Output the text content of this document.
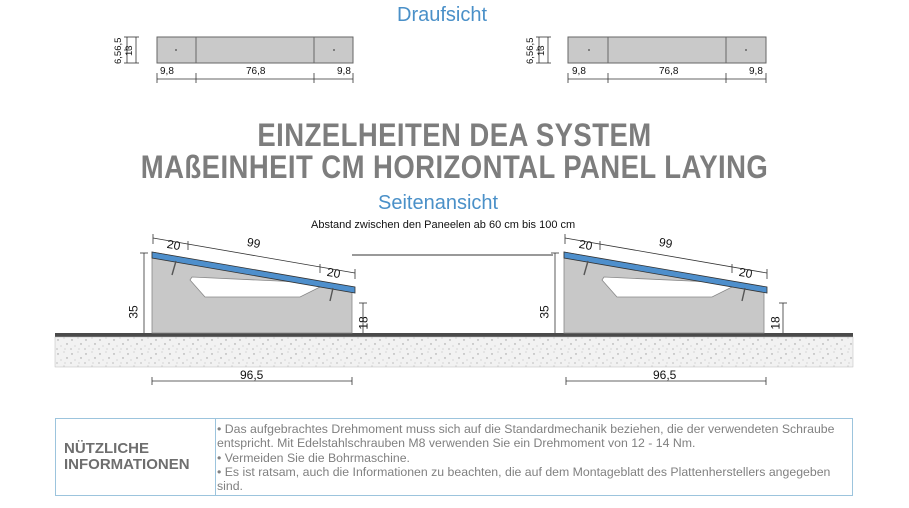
Draufsicht
6,56,5 13
6,56,5 13
9,8	76,8	9,8	9,8	76,8	9,8
EINZELHEITEN DEA SYSTEM
MAßEINHEIT CM HORIZONTAL PANEL LAYING
Seitenansicht
Abstand zwischen den Paneelen ab 60 cm bis 100 cm
20	99
20
35
18
96,5
20	99
20
35
18
96,5
NÜTZLICHE
INFORMATIONEN
• Das aufgebrachtes Drehmoment muss sich auf die Standardmechanik beziehen, die der verwendeten Schraube entspricht. Mit Edelstahlschrauben M8 verwenden Sie ein Drehmoment von 12 - 14 Nm.
• Vermeiden Sie die Bohrmaschine.
• Es ist ratsam, auch die Informationen zu beachten, die auf dem Montageblatt des Plattenherstellers angegeben sind.
